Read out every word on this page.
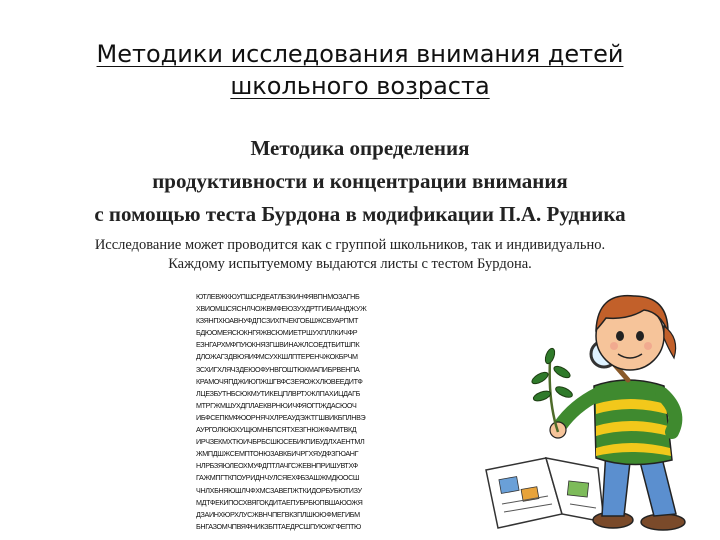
Методики исследования внимания детей
школьного возраста
Методика определения
продуктивности и концентрации внимания
с помощью теста Бурдона в модификации П.А. Рудника
Исследование может проводится как с группой школьников, так и индивидуально.
Каждому испытуемому выдаются листы с тестом Бурдона.
ЮТЛЕВЖКЮУПШСРДЕАТЛБЗКИНФЯВПНМОЗАГНБ
ХВИОМШСЯСНЛЧОЖВМФЕЮЗУХДРТГИБИАНДЖУЖ
КЗЯНПХЮАВНУФДПСЗИХПЧЕКГОБШЖСВУАРПМТ
БДЮОМЕЯСЮКНГЯЖВСЮМИЕТРШУХПЛЛКИЧФР
ЕЗНГАРХМФПУЮКНЯЗГШВИНАЖЛСОЕДТБИТШПК
ДЛОЖАГЗДВЮЯИФМСУХКШЛПТЕРЕНЧЖОКБРЧМ
ЗСХИГХЛЯЧЗДЕЮОФУНВГОШТЮКМАПИБРВЕНПА
КРАМОЧЯПДЖИЮПЖШГВФСЗЕЯОЖХЛЮВЕЕДИТФ
ЛЦЕЗБУТНБСЮКМУТИКЕЦПЛВРТХЖЛПАХИЦДАГБ
МТРГЖМШУХДПЛАЕКВРНЮИЧФЯОГПЖДАСЮОЧ
ИБФСЕПКМФЮОРНЯЧХЛРЕАУДЭЖТГШВИКБПЛНВЭ
АУРГОЛЮЮХУЩЮМНБПСЯТХЕЗГНЮЖФАМТВКД
ИРЧЗЕКМХТЮИЧБРБСШЮСЕБИКПИБУДЛХАЕНТМЛ
ЖМПДШЖСЕМПТОНЮЗАВКБИЧРГХЯУДФЗГЮАНГ
НЛРБЗЯЮЛЕОХМУФДПТЛАЧГСЖЕВНПРИШУВТХФ
ГАЖМПГТКПОУРИДНЧУЛСЯЕХФБЗАШЖМДЮОСШ
ЧНЛХБНЯЮШЛЧФХМСЗАВЕПЖТКИДОРБУБЮТИЗУ
МДТФЕКИПОСХВЯГОКДИТАЕПУБРБЮПВШАЮОЖЯ
ДЗАИНХЮРХЛУСЖВНЧПЕГВКЗПЛШЮЮФМЕГИБМ
БНГАЗОМЧПВЯФНИКЗБПТАЕДРСШПУЮЖГФЕПТЮ
